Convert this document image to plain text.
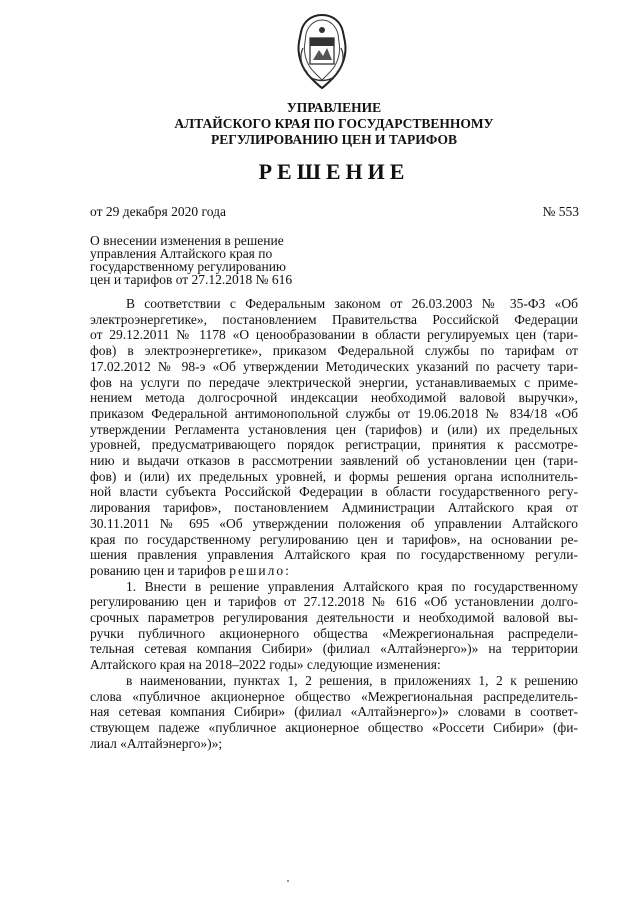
УПРАВЛЕНИЕ
АЛТАЙСКОГО КРАЯ ПО ГОСУДАРСТВЕННОМУ
РЕГУЛИРОВАНИЮ ЦЕН И ТАРИФОВ
РЕШЕНИЕ
от 29 декабря 2020 года	№ 553
О внесении изменения в решение
управления Алтайского края по
государственному регулированию
цен и тарифов от 27.12.2018 № 616
В соответствии с Федеральным законом от 26.03.2003 № 35-ФЗ «Об
электроэнергетике», постановлением Правительства Российской Федерации
от 29.12.2011 № 1178 «О ценообразовании в области регулируемых цен (тари-
фов) в электроэнергетике», приказом Федеральной службы по тарифам от
17.02.2012 № 98-э «Об утверждении Методических указаний по расчету тари-
фов на услуги по передаче электрической энергии, устанавливаемых с приме-
нением метода долгосрочной индексации необходимой валовой выручки»,
приказом Федеральной антимонопольной службы от 19.06.2018 № 834/18 «Об
утверждении Регламента установления цен (тарифов) и (или) их предельных
уровней, предусматривающего порядок регистрации, принятия к рассмотре-
нию и выдачи отказов в рассмотрении заявлений об установлении цен (тари-
фов) и (или) их предельных уровней, и формы решения органа исполнитель-
ной власти субъекта Российской Федерации в области государственного регу-
лирования тарифов», постановлением Администрации Алтайского края от
30.11.2011 № 695 «Об утверждении положения об управлении Алтайского
края по государственному регулированию цен и тарифов», на основании ре-
шения правления управления Алтайского края по государственному регули-
рованию цен и тарифов решило:
1. Внести в решение управления Алтайского края по государственному
регулированию цен и тарифов от 27.12.2018 № 616 «Об установлении долго-
срочных параметров регулирования деятельности и необходимой валовой вы-
ручки публичного акционерного общества «Межрегиональная распредели-
тельная сетевая компания Сибири» (филиал «Алтайэнерго»)» на территории
Алтайского края на 2018–2022 годы» следующие изменения:
в наименовании, пунктах 1, 2 решения, в приложениях 1, 2 к решению
слова «публичное акционерное общество «Межрегиональная распределитель-
ная сетевая компания Сибири» (филиал «Алтайэнерго»)» словами в соответ-
ствующем падеже «публичное акционерное общество «Россети Сибири» (фи-
лиал «Алтайэнерго»)»;
